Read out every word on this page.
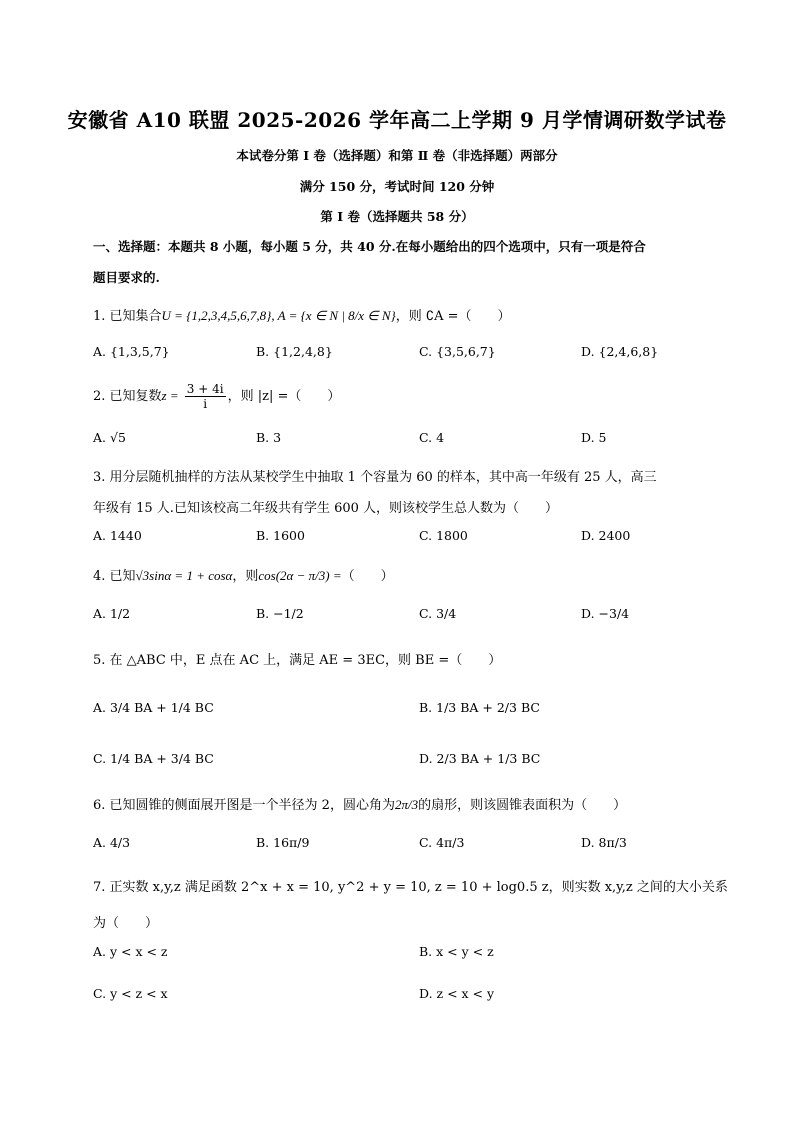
安徽省 A10 联盟 2025-2026 学年高二上学期 9 月学情调研数学试卷
本试卷分第 I 卷（选择题）和第 Ⅱ 卷（非选择题）两部分
满分 150 分，考试时间 120 分钟
第 I 卷（选择题共 58 分）
一、选择题：本题共 8 小题，每小题 5 分，共 40 分.在每小题给出的四个选项中，只有一项是符合
题目要求的.
1. 已知集合U = {1,2,3,4,5,6,7,8}, A = {x ∈ N | 8/x ∈ N}，则 ∁A =（　　）
A. {1,3,5,7}	B. {1,2,4,8}	C. {3,5,6,7}	D. {2,4,6,8}
2. 已知复数$z = \frac{3 + 4i}{i}$ ，则 |z| =（　　）
A. √5	B. 3	C. 4	D. 5
3. 用分层随机抽样的方法从某校学生中抽取 1 个容量为 60 的样本，其中高一年级有 25 人，高三
年级有 15 人.已知该校高二年级共有学生 600 人，则该校学生总人数为（　　）
A. 1440	B. 1600	C. 1800	D. 2400
4. 已知√3sinα = 1 + cosα，则cos(2α − π/3) =（　　）
A. 1/2	B. −1/2	C. 3/4	D. −3/4
5. 在 △ABC 中，E 点在 AC 上，满足 AE = 3EC，则 BE =（　　）
A. 3/4 BA + 1/4 BC	B. 1/3 BA + 2/3 BC
C. 1/4 BA + 3/4 BC	D. 2/3 BA + 1/3 BC
6. 已知圆锥的侧面展开图是一个半径为 2，圆心角为2π/3的扇形，则该圆锥表面积为（　　）
A. 4/3	B. 16π/9	C. 4π/3	D. 8π/3
7. 正实数 x,y,z 满足函数 2^x + x = 10, y^2 + y = 10, z = 10 + log0.5 z，则实数 x,y,z 之间的大小关系
为（　　）
A. y < x < z	B. x < y < z
C. y < z < x	D. z < x < y
